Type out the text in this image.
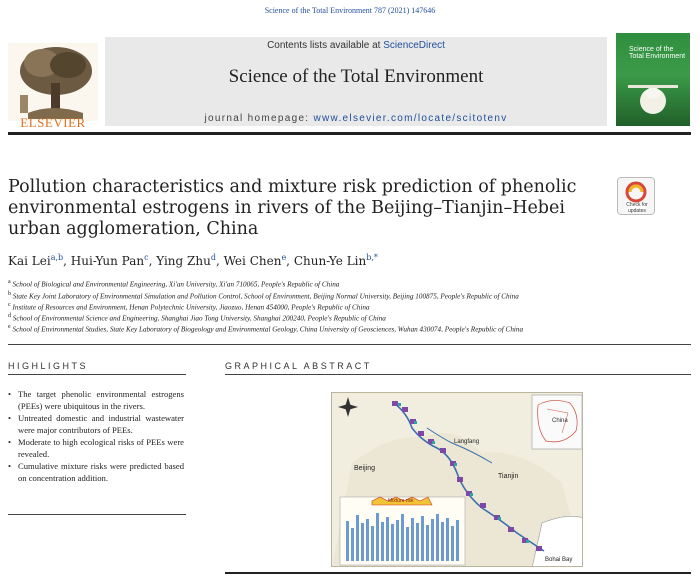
Science of the Total Environment 787 (2021) 147646
Contents lists available at ScienceDirect
Science of the Total Environment
journal homepage: www.elsevier.com/locate/scitotenv
ELSEVIER
Science of the Total Environment
Pollution characteristics and mixture risk prediction of phenolic environmental estrogens in rivers of the Beijing–Tianjin–Hebei urban agglomeration, China
Check for updates
Kai Lei$^{a,b}$, Hui-Yun Pan$^c$, Ying Zhu$^d$, Wei Chen$^e$, Chun-Ye Lin$^{b,*}$
$^a$ School of Biological and Environmental Engineering, Xi'an University, Xi'an 710065, People's Republic of China
$^b$ State Key Joint Laboratory of Environmental Simulation and Pollution Control, School of Environment, Beijing Normal University, Beijing 100875, People's Republic of China
$^c$ Institute of Resources and Environment, Henan Polytechnic University, Jiaozuo, Henan 454000, People's Republic of China
$^d$ School of Environmental Science and Engineering, Shanghai Jiao Tong University, Shanghai 200240, People's Republic of China
$^e$ School of Environmental Studies, State Key Laboratory of Biogeology and Environmental Geology, China University of Geosciences, Wuhan 430074, People's Republic of China
HIGHLIGHTS
• The target phenolic environmental estrogens (PEEs) were ubiquitous in the rivers.
• Untreated domestic and industrial wastewater were major contributors of PEEs.
• Moderate to high ecological risks of PEEs were revealed.
• Cumulative mixture risks were predicted based on concentration addition.
GRAPHICAL ABSTRACT
China
Beijing
Langfang
Tianjin
Bohai Bay
Mixture risk
